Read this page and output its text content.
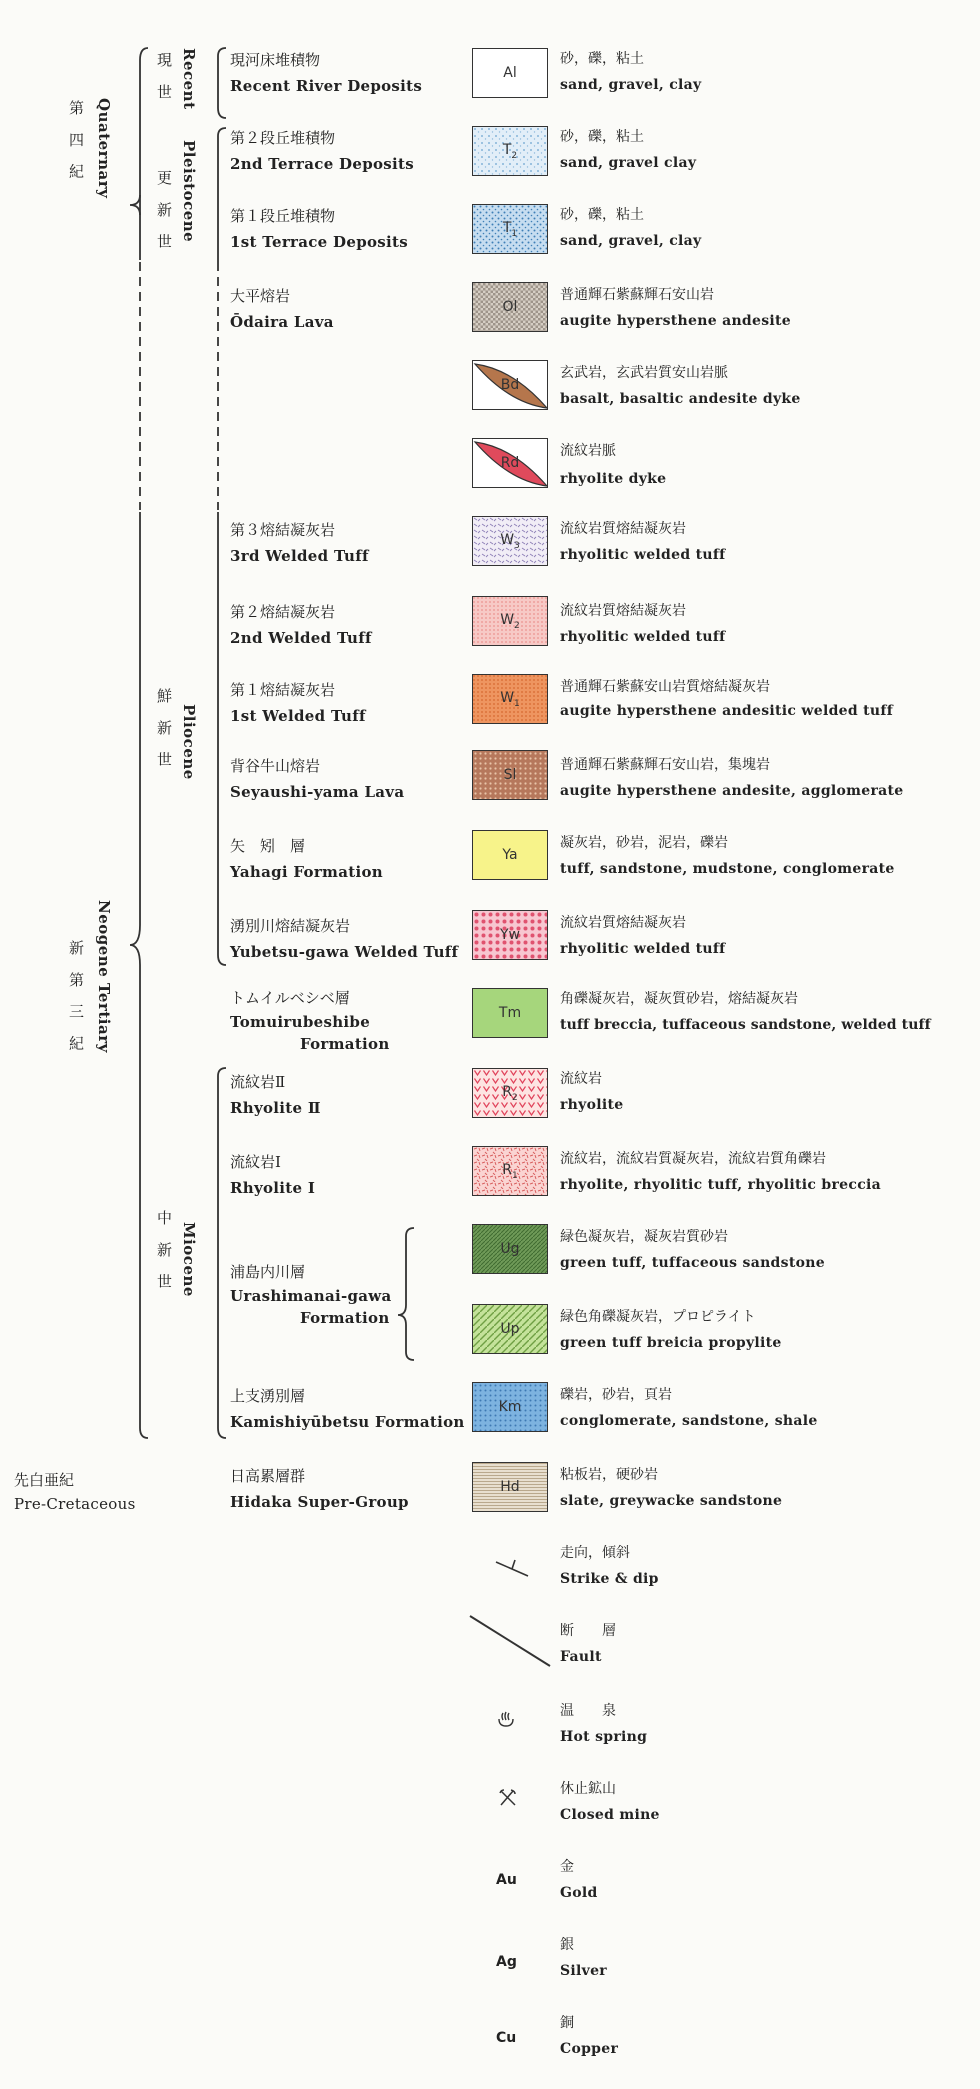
第 四 紀 Quaternary
新 第 三 紀 Neogene Tertiary
先白亜紀
Pre-Cretaceous
現 世 Recent
更 新 世 Pleistocene
鮮 新 世 Pliocene
中 新 世 Miocene
現河床堆積物
Recent River Deposits
第２段丘堆積物
2nd Terrace Deposits
第１段丘堆積物
1st Terrace Deposits
大平熔岩
Ōdaira Lava
第３熔結凝灰岩
3rd Welded Tuff
第２熔結凝灰岩
2nd Welded Tuff
第１熔結凝灰岩
1st Welded Tuff
背谷牛山熔岩
Seyaushi-yama Lava
矢　矧　層
Yahagi Formation
湧別川熔結凝灰岩
Yubetsu-gawa Welded Tuff
トムイルベシベ層
Tomuirubeshibe
Formation
流紋岩Ⅱ
Rhyolite Ⅱ
流紋岩Ⅰ
Rhyolite Ⅰ
浦島内川層
Urashimanai-gawa
Formation
上支湧別層
Kamishiyūbetsu Formation
日高累層群
Hidaka Super-Group
Al
$T_2$
$T_1$
Ol
Bd
Rd
$W_3$
$W_2$
$W_1$
Sl
Ya
Yw
Tm
$R_2$
$R_1$
Ug
Up
Km
Hd
砂，礫，粘土
sand, gravel, clay
砂，礫，粘土
sand, gravel clay
砂，礫，粘土
sand, gravel, clay
普通輝石紫蘇輝石安山岩
augite hypersthene andesite
玄武岩，玄武岩質安山岩脈
basalt, basaltic andesite dyke
流紋岩脈
rhyolite dyke
流紋岩質熔結凝灰岩
rhyolitic welded tuff
流紋岩質熔結凝灰岩
rhyolitic welded tuff
普通輝石紫蘇安山岩質熔結凝灰岩
augite hypersthene andesitic welded tuff
普通輝石紫蘇輝石安山岩，集塊岩
augite hypersthene andesite, agglomerate
凝灰岩，砂岩，泥岩，礫岩
tuff, sandstone, mudstone, conglomerate
流紋岩質熔結凝灰岩
rhyolitic welded tuff
角礫凝灰岩，凝灰質砂岩，熔結凝灰岩
tuff breccia, tuffaceous sandstone, welded tuff
流紋岩
rhyolite
流紋岩，流紋岩質凝灰岩，流紋岩質角礫岩
rhyolite, rhyolitic tuff, rhyolitic breccia
緑色凝灰岩，凝灰岩質砂岩
green tuff, tuffaceous sandstone
緑色角礫凝灰岩，プロピライト
green tuff breicia propylite
礫岩，砂岩，頁岩
conglomerate, sandstone, shale
粘板岩，硬砂岩
slate, greywacke sandstone
走向，傾斜
Strike & dip
断　　層
Fault
温　　泉
Hot spring
休止鉱山
Closed mine
Au
金
Gold
Ag
銀
Silver
Cu
銅
Copper
